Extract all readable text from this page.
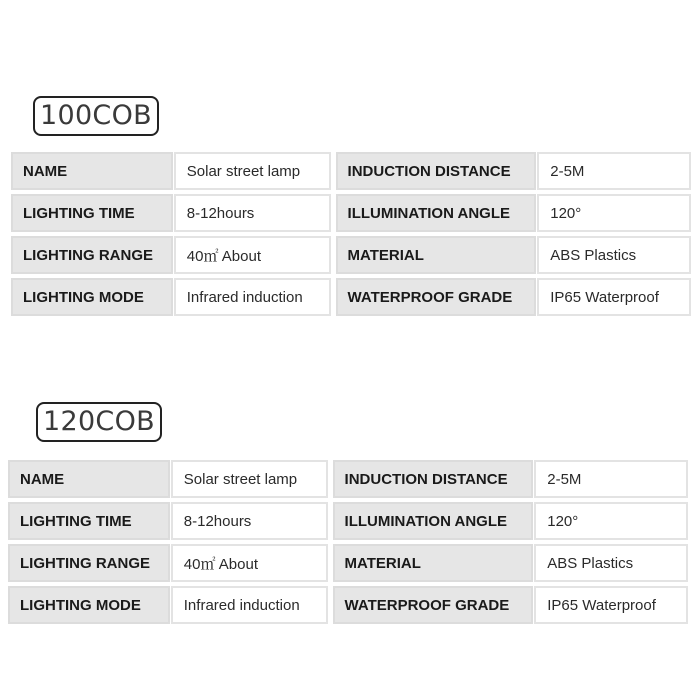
100COB
NAME	Solar street lamp	INDUCTION DISTANCE	2-5M
LIGHTING TIME	8-12hours	ILLUMINATION ANGLE	120°
LIGHTING RANGE	40㎡ About	MATERIAL	ABS Plastics
LIGHTING MODE	Infrared induction	WATERPROOF GRADE	IP65 Waterproof
120COB
NAME	Solar street lamp	INDUCTION DISTANCE	2-5M
LIGHTING TIME	8-12hours	ILLUMINATION ANGLE	120°
LIGHTING RANGE	40㎡ About	MATERIAL	ABS Plastics
LIGHTING MODE	Infrared induction	WATERPROOF GRADE	IP65 Waterproof
